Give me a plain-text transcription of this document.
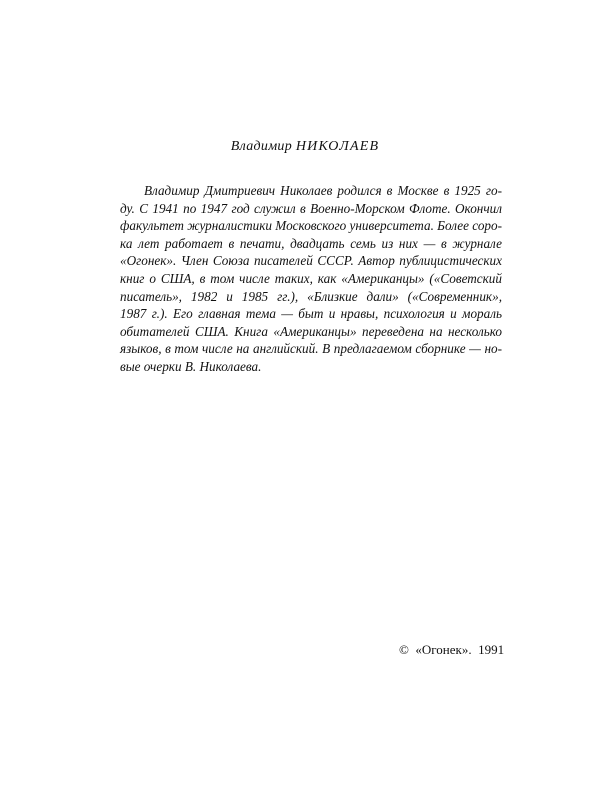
Владимир НИКОЛАЕВ
Владимир Дмитриевич Николаев родился в Москве в 1925 го-
ду. С 1941 по 1947 год служил в Военно-Морском Флоте. Окончил
факультет журналистики Московского университета. Более соро-
ка лет работает в печати, двадцать семь из них — в журнале
«Огонек». Член Союза писателей СССР. Автор публицистических
книг о США, в том числе таких, как «Американцы» («Советский
писатель», 1982 и 1985 гг.), «Близкие дали» («Современник»,
1987 г.). Его главная тема — быт и нравы, психология и мораль
обитателей США. Книга «Американцы» переведена на несколько
языков, в том числе на английский. В предлагаемом сборнике — но-
вые очерки В. Николаева.
© «Огонек». 1991
